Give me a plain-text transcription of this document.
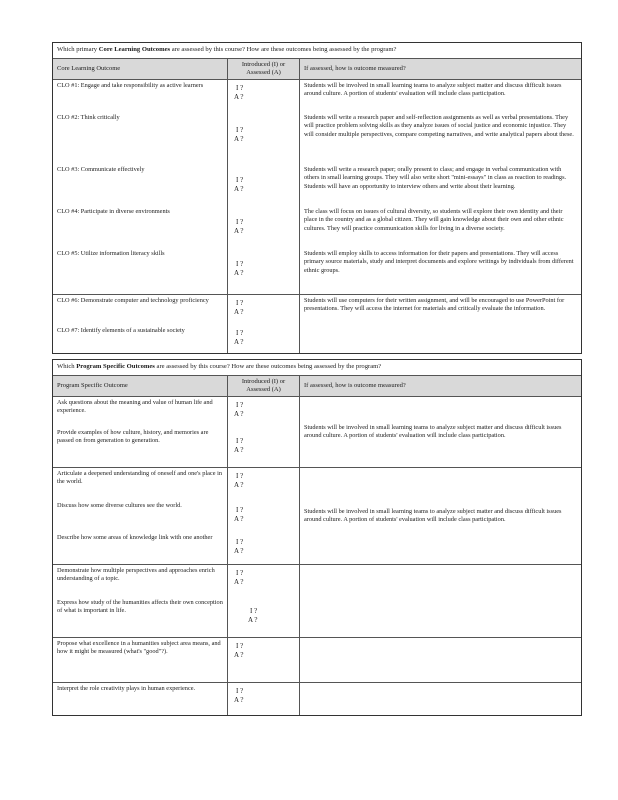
Which primary Core Learning Outcomes are assessed by this course? How are these outcomes being assessed by the program?
Core Learning Outcome
Introduced (I) or Assessed (A)
If assessed, how is outcome measured?
CLO #1: Engage and take responsibility as active learners
CLO #2: Think critically
CLO #3: Communicate effectively
CLO #4: Participate in diverse environments
CLO #5: Utilize information literacy skills
I ?
A ?
I ?
A ?
I ?
A ?
I ?
A ?
I ?
A ?
Students will be involved in small learning teams to analyze subject matter and discuss difficult issues around culture. A portion of students' evaluation will include class participation.
Students will write a research paper and self-reflection assignments as well as verbal presentations. They will practice problem solving skills as they analyze issues of social justice and economic injustice. They will consider multiple perspectives, compare competing narratives, and write analytical papers about these.
Students will write a research paper; orally present to class; and engage in verbal communication with others in small learning groups. They will also write short "mini-essays" in class as reaction to readings. Students will have an opportunity to interview others and write about their learning.
The class will focus on issues of cultural diversity, so students will explore their own identity and their place in the country and as a global citizen. They will gain knowledge about their own and other ethnic cultures. They will practice communication skills for living in a diverse society.
Students will employ skills to access information for their papers and presentations. They will access primary source materials, study and interpret documents and explore writings by individuals from different ethnic groups.
CLO #6: Demonstrate computer and technology proficiency
CLO #7: Identify elements of a sustainable society
I ?
A ?
I ?
A ?
Students will use computers for their written assignment, and will be encouraged to use PowerPoint for presentations. They will access the internet for materials and critically evaluate the information.
Which Program Specific Outcomes are assessed by this course? How are these outcomes being assessed by the program?
Program Specific Outcome
Introduced (I) or Assessed (A)
If assessed, how is outcome measured?
Ask questions about the meaning and value of human life and experience.
Provide examples of how culture, history, and memories are passed on from generation to generation.
I ?
A ?
I ?
A ?
Students will be involved in small learning teams to analyze subject matter and discuss difficult issues around culture. A portion of students' evaluation will include class participation.
Articulate a deepened understanding of oneself and one's place in the world.
Discuss how some diverse cultures see the world.
Describe how some areas of knowledge link with one another
I ?
A ?
I ?
A ?
I ?
A ?
Students will be involved in small learning teams to analyze subject matter and discuss difficult issues around culture. A portion of students' evaluation will include class participation.
Demonstrate how multiple perspectives and approaches enrich understanding of a topic.
Express how study of the humanities affects their own conception of what is important in life.
I ?
A ?
I ?
A ?
Propose what excellence in a humanities subject area means, and how it might be measured (what's "good"?).
I ?
A ?
Interpret the role creativity plays in human experience.	I ?
A ?
